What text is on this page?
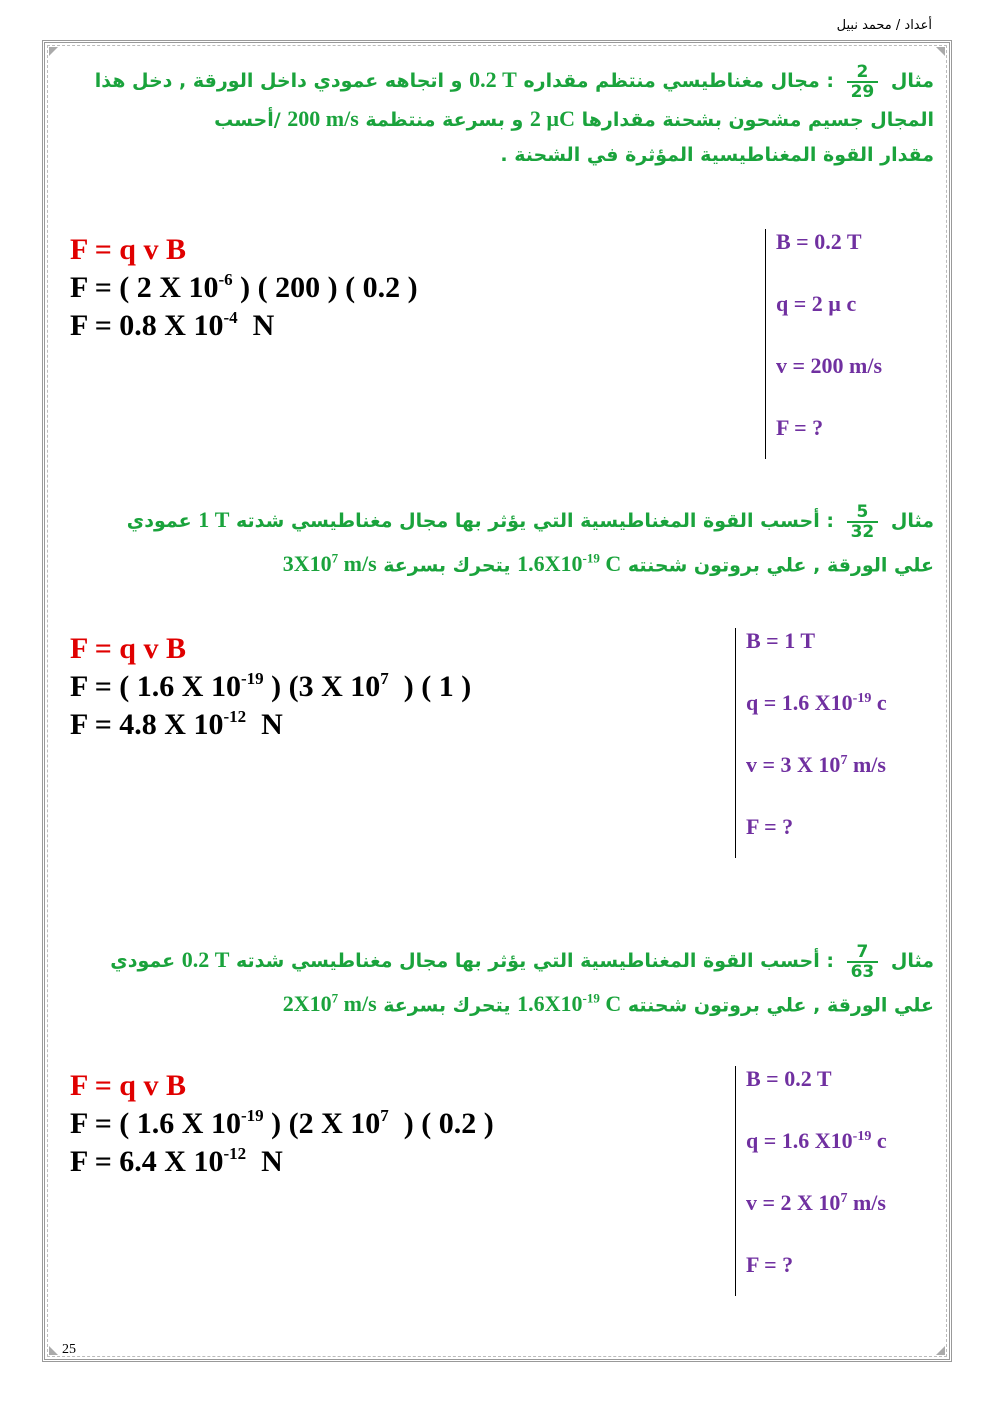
أعداد / محمد نبيل
25
مثال
$\frac{2}{29}$
: مجال مغناطيسي منتظم مقداره 0.2 T و اتجاهه عمودي داخل الورقة , دخل هذا
المجال جسيم مشحون بشحنة مقدارها 2 µC و بسرعة منتظمة 200 m/s /أحسب
مقدار القوة المغناطيسية المؤثرة في الشحنة .
F = q v B
F = ( 2 X $10^{-6}$ ) ( 200 ) ( 0.2 )
F = 0.8 X $10^{-4}$  N
B = 0.2 T
q = 2 µ c
v = 200 m/s
F = ?
مثال
$\frac{5}{32}$
: أحسب القوة المغناطيسية التي يؤثر بها مجال مغناطيسي شدته 1 T عمودي
علي الورقة , علي بروتون شحنته $1.6X10^{-19}$ C يتحرك بسرعة $3X10^7$ m/s
F = q v B
F = ( 1.6 X $10^{-19}$ ) (3 X $10^7$  ) ( 1 )
F = 4.8 X $10^{-12}$  N
B = 1 T
q = 1.6 $X10^{-19}$ c
v = 3 X $10^7$ m/s
F = ?
مثال
$\frac{7}{63}$
: أحسب القوة المغناطيسية التي يؤثر بها مجال مغناطيسي شدته 0.2 T عمودي
علي الورقة , علي بروتون شحنته $1.6X10^{-19}$ C يتحرك بسرعة $2X10^7$ m/s
F = q v B
F = ( 1.6 X $10^{-19}$ ) (2 X $10^7$  ) ( 0.2 )
F = 6.4 X $10^{-12}$  N
B = 0.2 T
q = 1.6 $X10^{-19}$ c
v = 2 X $10^7$ m/s
F = ?
